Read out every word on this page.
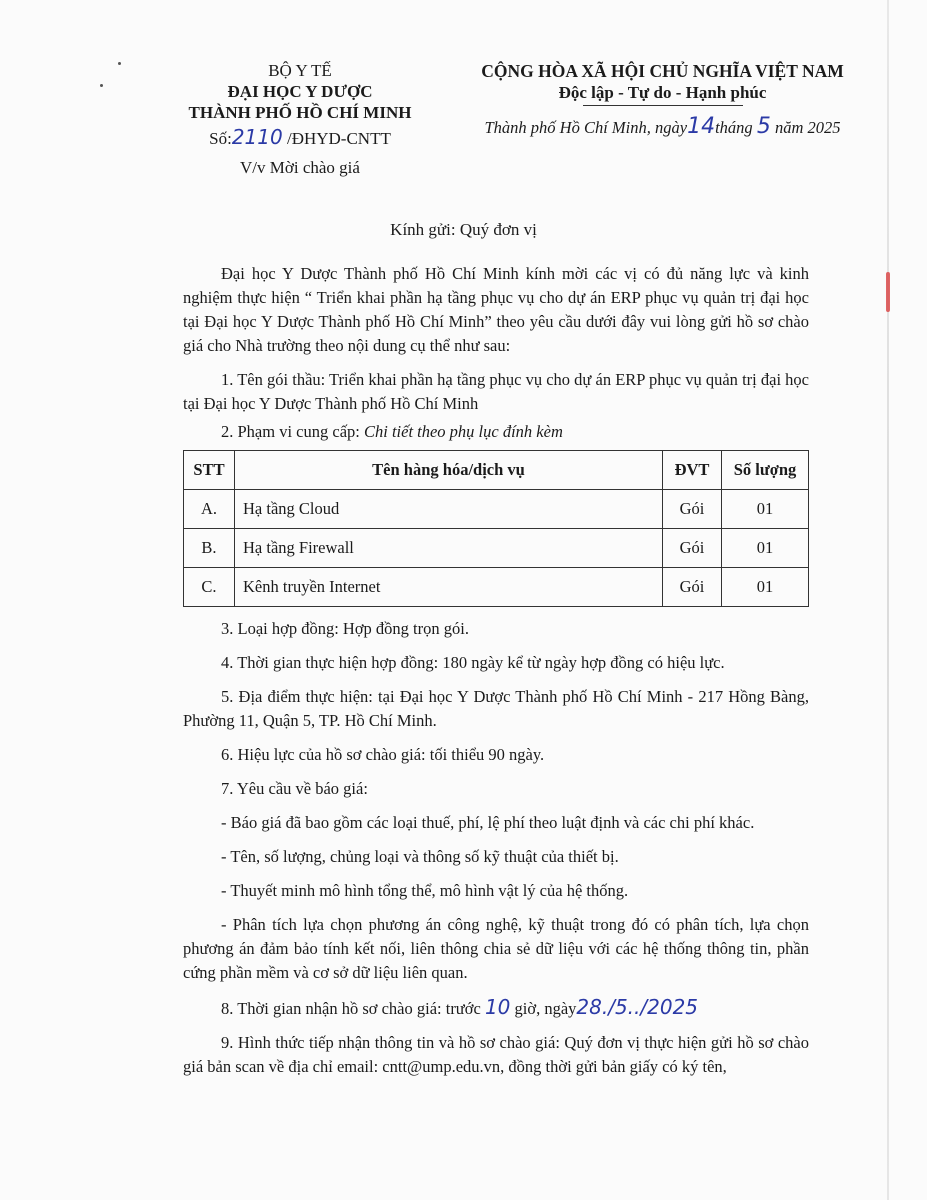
BỘ Y TẾ
ĐẠI HỌC Y DƯỢC
THÀNH PHỐ HỒ CHÍ MINH
Số:2110 /ĐHYD-CNTT
V/v Mời chào giá
CỘNG HÒA XÃ HỘI CHỦ NGHĨA VIỆT NAM
Độc lập - Tự do - Hạnh phúc
Thành phố Hồ Chí Minh, ngày14tháng 5 năm 2025
Kính gửi: Quý đơn vị

Đại học Y Dược Thành phố Hồ Chí Minh kính mời các vị có đủ năng lực và kinh nghiệm thực hiện “ Triển khai phần hạ tầng phục vụ cho dự án ERP phục vụ quản trị đại học tại Đại học Y Dược Thành phố Hồ Chí Minh” theo yêu cầu dưới đây vui lòng gửi hồ sơ chào giá cho Nhà trường theo nội dung cụ thể như sau:

1. Tên gói thầu: Triển khai phần hạ tầng phục vụ cho dự án ERP phục vụ quản trị đại học tại Đại học Y Dược Thành phố Hồ Chí Minh

2. Phạm vi cung cấp: Chi tiết theo phụ lục đính kèm

STT	Tên hàng hóa/dịch vụ	ĐVT	Số lượng
A.	Hạ tầng Cloud	Gói	01
B.	Hạ tầng Firewall	Gói	01
C.	Kênh truyền Internet	Gói	01

3. Loại hợp đồng: Hợp đồng trọn gói.

4. Thời gian thực hiện hợp đồng: 180 ngày kể từ ngày hợp đồng có hiệu lực.

5. Địa điểm thực hiện: tại Đại học Y Dược Thành phố Hồ Chí Minh - 217 Hồng Bàng, Phường 11, Quận 5, TP. Hồ Chí Minh.

6. Hiệu lực của hồ sơ chào giá: tối thiểu 90 ngày.

7. Yêu cầu về báo giá:

- Báo giá đã bao gồm các loại thuế, phí, lệ phí theo luật định và các chi phí khác.

- Tên, số lượng, chủng loại và thông số kỹ thuật của thiết bị.

- Thuyết minh mô hình tổng thể, mô hình vật lý của hệ thống.

- Phân tích lựa chọn phương án công nghệ, kỹ thuật trong đó có phân tích, lựa chọn phương án đảm bảo tính kết nối, liên thông chia sẻ dữ liệu với các hệ thống thông tin, phần cứng phần mềm và cơ sở dữ liệu liên quan.

8. Thời gian nhận hồ sơ chào giá: trước 10 giờ, ngày28./5../2025

9. Hình thức tiếp nhận thông tin và hồ sơ chào giá: Quý đơn vị thực hiện gửi hồ sơ chào giá bản scan về địa chỉ email: cntt@ump.edu.vn, đồng thời gửi bản giấy có ký tên,
